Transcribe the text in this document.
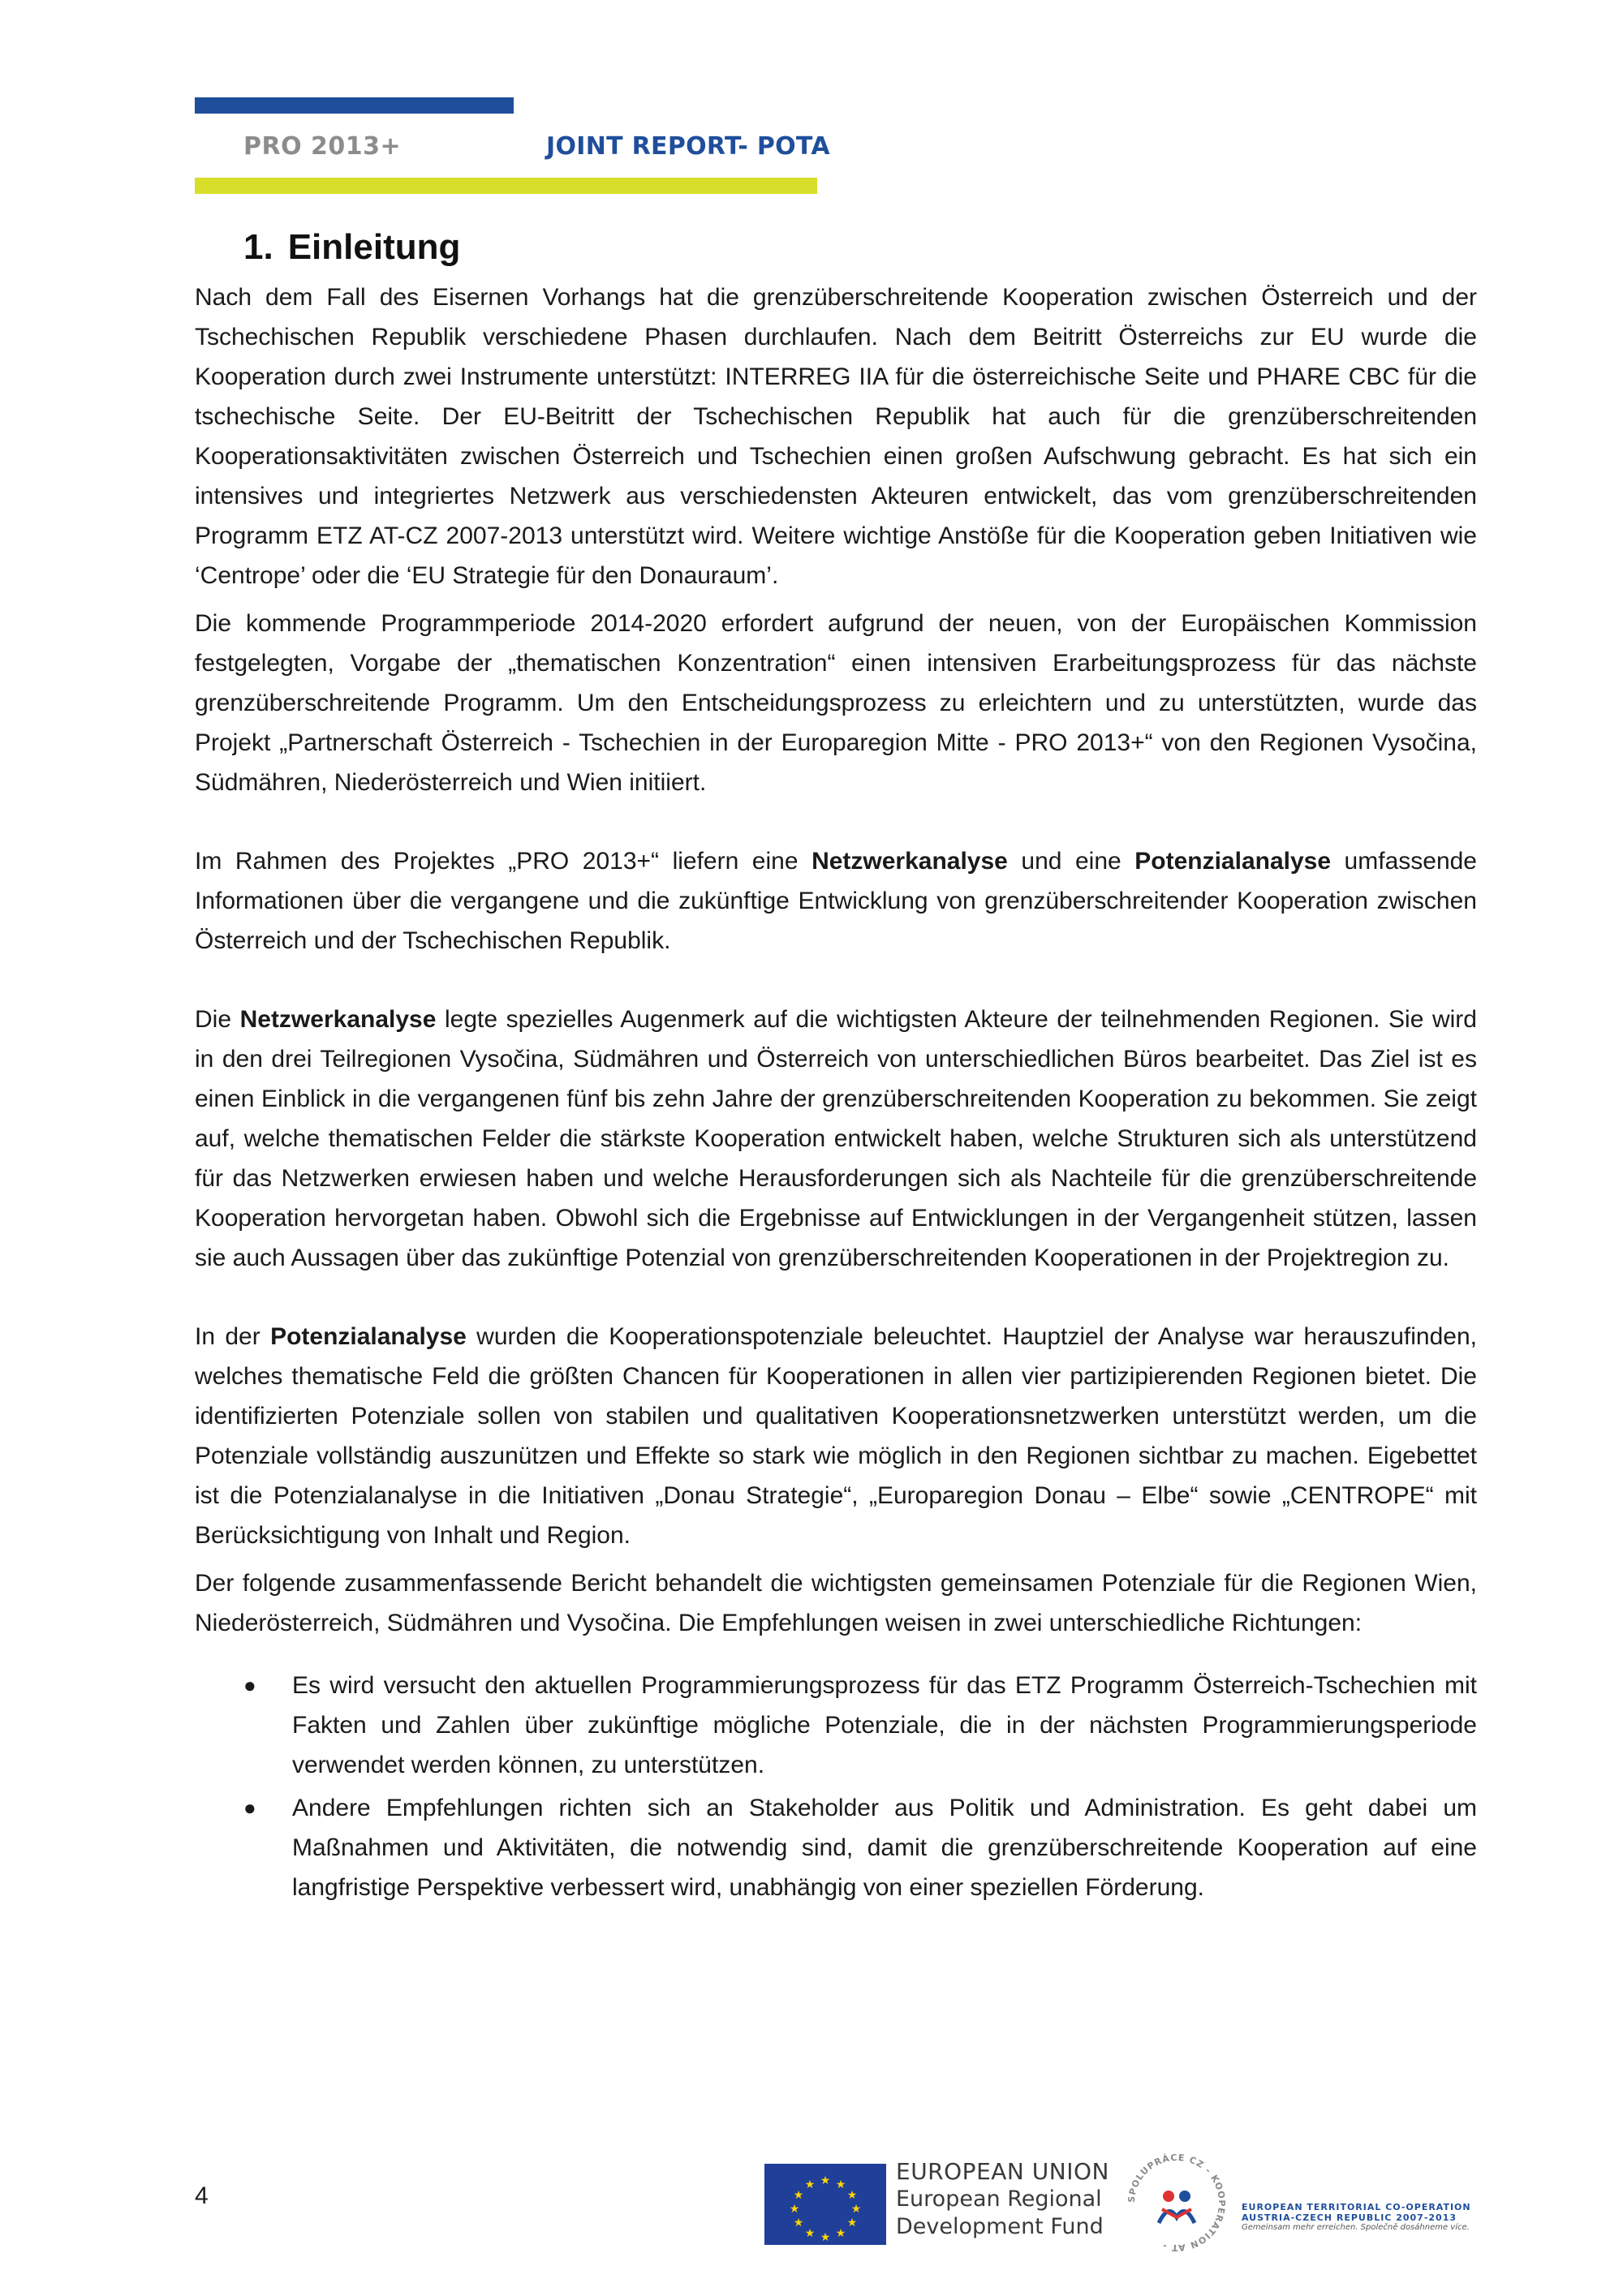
PRO 2013+	JOINT REPORT- POTA
1. Einleitung

Nach dem Fall des Eisernen Vorhangs hat die grenzüberschreitende Kooperation zwischen Österreich und der Tschechischen Republik verschiedene Phasen durchlaufen. Nach dem Beitritt Österreichs zur EU wurde die Kooperation durch zwei Instrumente unterstützt: INTERREG IIA für die österreichische Seite und PHARE CBC für die tschechische Seite. Der EU-Beitritt der Tschechischen Republik hat auch für die grenzüberschreitenden Kooperationsaktivitäten zwischen Österreich und Tschechien einen großen Aufschwung gebracht. Es hat sich ein intensives und integriertes Netzwerk aus verschiedensten Akteuren entwickelt, das vom grenzüberschreitenden Programm ETZ AT-CZ 2007-2013 unterstützt wird. Weitere wichtige Anstöße für die Kooperation geben Initiativen wie ‘Centrope’ oder die ‘EU Strategie für den Donauraum’.

Die kommende Programmperiode 2014-2020 erfordert aufgrund der neuen, von der Europäischen Kommission festgelegten, Vorgabe der „thematischen Konzentration“ einen intensiven Erarbeitungsprozess für das nächste grenzüberschreitende Programm. Um den Entscheidungsprozess zu erleichtern und zu unterstützten, wurde das Projekt „Partnerschaft Österreich - Tschechien in der Europaregion Mitte - PRO 2013+“ von den Regionen Vysočina, Südmähren, Niederösterreich und Wien initiiert.

Im Rahmen des Projektes „PRO 2013+“ liefern eine Netzwerkanalyse und eine Potenzialanalyse umfassende Informationen über die vergangene und die zukünftige Entwicklung von grenzüberschreitender Kooperation zwischen Österreich und der Tschechischen Republik.

Die Netzwerkanalyse legte spezielles Augenmerk auf die wichtigsten Akteure der teilnehmenden Regionen. Sie wird in den drei Teilregionen Vysočina, Südmähren und Österreich von unterschiedlichen Büros bearbeitet. Das Ziel ist es einen Einblick in die vergangenen fünf bis zehn Jahre der grenzüberschreitenden Kooperation zu bekommen. Sie zeigt auf, welche thematischen Felder die stärkste Kooperation entwickelt haben, welche Strukturen sich als unterstützend für das Netzwerken erwiesen haben und welche Herausforderungen sich als Nachteile für die grenzüberschreitende Kooperation hervorgetan haben. Obwohl sich die Ergebnisse auf Entwicklungen in der Vergangenheit stützen, lassen sie auch Aussagen über das zukünftige Potenzial von grenzüberschreitenden Kooperationen in der Projektregion zu.

In der Potenzialanalyse wurden die Kooperationspotenziale beleuchtet. Hauptziel der Analyse war herauszufinden, welches thematische Feld die größten Chancen für Kooperationen in allen vier partizipierenden Regionen bietet. Die identifizierten Potenziale sollen von stabilen und qualitativen Kooperationsnetzwerken unterstützt werden, um die Potenziale vollständig auszunützen und Effekte so stark wie möglich in den Regionen sichtbar zu machen. Eigebettet ist die Potenzialanalyse in die Initiativen „Donau Strategie“, „Europaregion Donau – Elbe“ sowie „CENTROPE“ mit Berücksichtigung von Inhalt und Region.

Der folgende zusammenfassende Bericht behandelt die wichtigsten gemeinsamen Potenziale für die Regionen Wien, Niederösterreich, Südmähren und Vysočina. Die Empfehlungen weisen in zwei unterschiedliche Richtungen:

● Es wird versucht den aktuellen Programmierungsprozess für das ETZ Programm Österreich-Tschechien mit Fakten und Zahlen über zukünftige mögliche Potenziale, die in der nächsten Programmierungsperiode verwendet werden können, zu unterstützen.
● Andere Empfehlungen richten sich an Stakeholder aus Politik und Administration. Es geht dabei um Maßnahmen und Aktivitäten, die notwendig sind, damit die grenzüberschreitende Kooperation auf eine langfristige Perspektive verbessert wird, unabhängig von einer speziellen Förderung.
4
★ ★
★
★
★
★
★
★
★
★
★
★	EUROPEAN UNION
European Regional
Development Fund
SPOLUPRÁCE CZ - KOOPERATION AT -
EUROPEAN TERRITORIAL CO-OPERATION
AUSTRIA-CZECH REPUBLIC 2007-2013
Gemeinsam mehr erreichen. Společně dosáhneme více.
